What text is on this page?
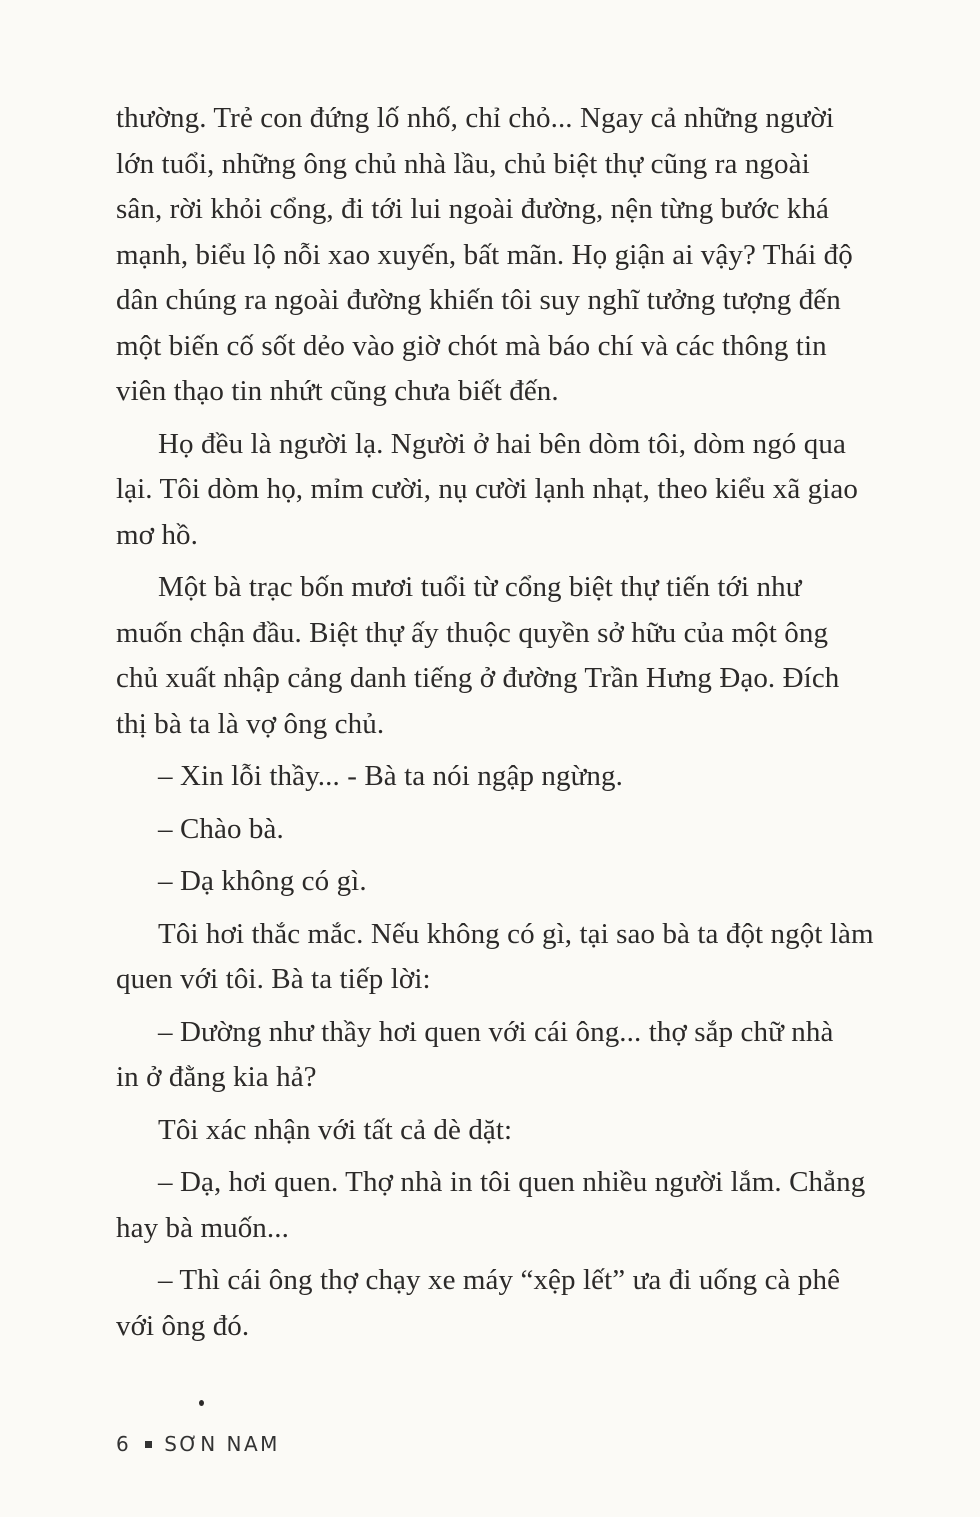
thường. Trẻ con đứng lố nhố, chỉ chỏ... Ngay cả những người
lớn tuổi, những ông chủ nhà lầu, chủ biệt thự cũng ra ngoài
sân, rời khỏi cổng, đi tới lui ngoài đường, nện từng bước khá
mạnh, biểu lộ nỗi xao xuyến, bất mãn. Họ giận ai vậy? Thái độ
dân chúng ra ngoài đường khiến tôi suy nghĩ tưởng tượng đến
một biến cố sốt dẻo vào giờ chót mà báo chí và các thông tin
viên thạo tin nhứt cũng chưa biết đến.

Họ đều là người lạ. Người ở hai bên dòm tôi, dòm ngó qua
lại. Tôi dòm họ, mỉm cười, nụ cười lạnh nhạt, theo kiểu xã giao
mơ hồ.

Một bà trạc bốn mươi tuổi từ cổng biệt thự tiến tới như
muốn chận đầu. Biệt thự ấy thuộc quyền sở hữu của một ông
chủ xuất nhập cảng danh tiếng ở đường Trần Hưng Đạo. Đích
thị bà ta là vợ ông chủ.

– Xin lỗi thầy... - Bà ta nói ngập ngừng.

– Chào bà.

– Dạ không có gì.

Tôi hơi thắc mắc. Nếu không có gì, tại sao bà ta đột ngột làm
quen với tôi. Bà ta tiếp lời:

– Dường như thầy hơi quen với cái ông... thợ sắp chữ nhà
in ở đằng kia hả?

Tôi xác nhận với tất cả dè dặt:

– Dạ, hơi quen. Thợ nhà in tôi quen nhiều người lắm. Chẳng
hay bà muốn...

– Thì cái ông thợ chạy xe máy “xệp lết” ưa đi uống cà phê
với ông đó.

6 SƠN NAM
